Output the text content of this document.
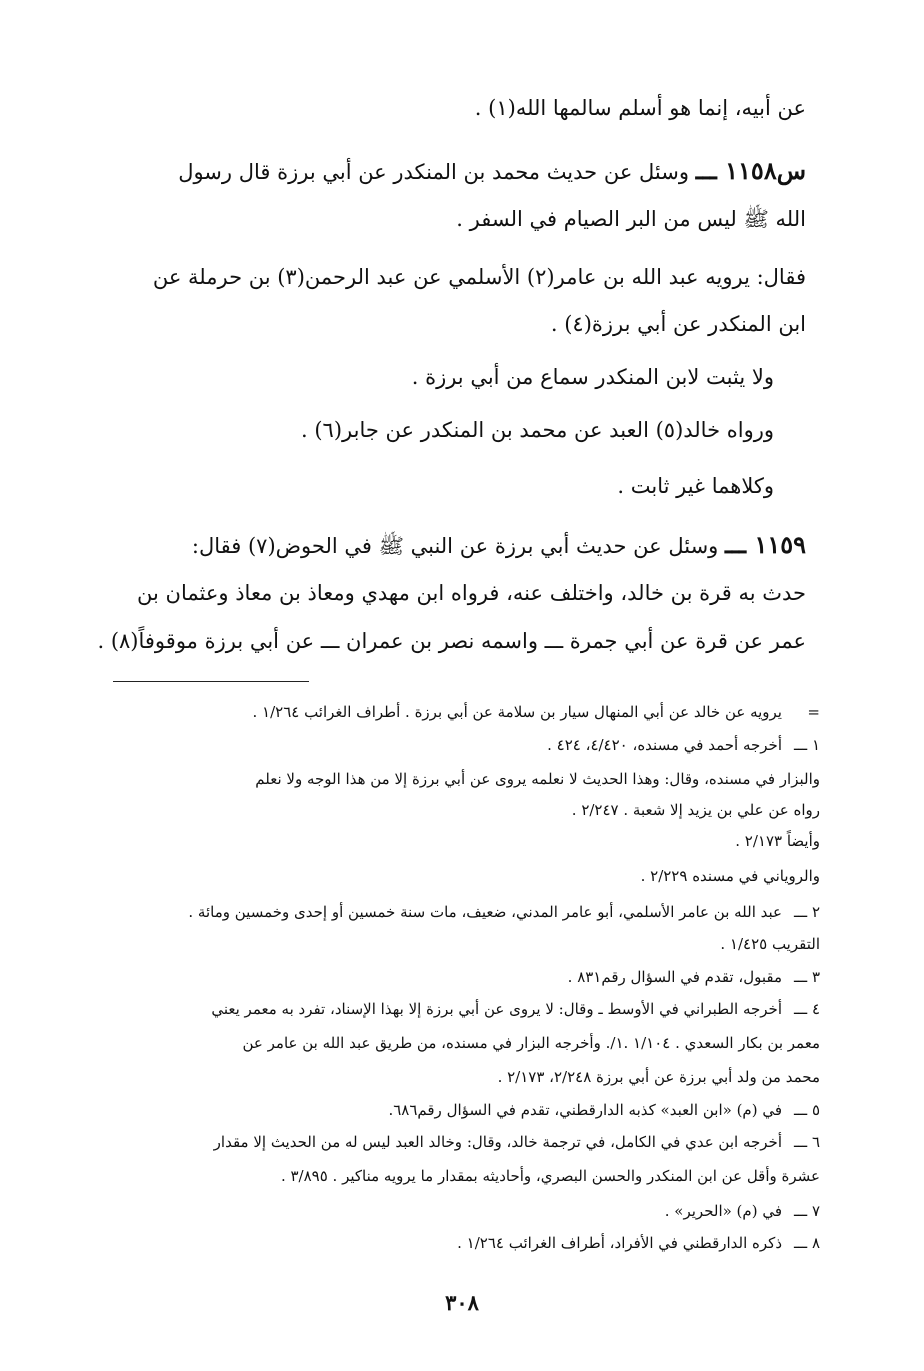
عن أبيه، إنما هو أسلم سالمها الله(١) .
س١١٥٨ ـــ وسئل عن حديث محمد بن المنكدر عن أبي برزة قال رسول
الله ﷺ ليس من البر الصيام في السفر .
فقال: يرويه عبد الله بن عامر(٢) الأسلمي عن عبد الرحمن(٣) بن حرملة عن
ابن المنكدر عن أبي برزة(٤) .
ولا يثبت لابن المنكدر سماع من أبي برزة .
ورواه خالد(٥) العبد عن محمد بن المنكدر عن جابر(٦) .
وكلاهما غير ثابت .
١١٥٩ ـــ وسئل عن حديث أبي برزة عن النبي ﷺ في الحوض(٧) فقال:
حدث به قرة بن خالد، واختلف عنه، فرواه ابن مهدي ومعاذ بن معاذ وعثمان بن
عمر عن قرة عن أبي جمرة ـــ واسمه نصر بن عمران ـــ عن أبي برزة موقوفاً(٨) .
=يرويه عن خالد عن أبي المنهال سيار بن سلامة عن أبي برزة . أطراف الغرائب ١/٢٦٤ .
١ ـــأخرجه أحمد في مسنده، ٤/٤٢٠، ٤٢٤ .
والبزار في مسنده، وقال: وهذا الحديث لا نعلمه يروى عن أبي برزة إلا من هذا الوجه ولا نعلم
رواه عن علي بن يزيد إلا شعبة . ٢/٢٤٧ .
وأيضاً ٢/١٧٣ .
والروياني في مسنده ٢/٢٢٩ .
٢ ـــعبد الله بن عامر الأسلمي، أبو عامر المدني، ضعيف، مات سنة خمسين أو إحدى وخمسين ومائة .
التقريب ١/٤٢٥ .
٣ ـــمقبول، تقدم في السؤال رقم٨٣١ .
٤ ـــأخرجه الطبراني في الأوسط ـ وقال: لا يروى عن أبي برزة إلا بهذا الإسناد، تفرد به معمر يعني
معمر بن بكار السعدي . ١/١٠٤ .١/. وأخرجه البزار في مسنده، من طريق عبد الله بن عامر عن
محمد من ولد أبي برزة عن أبي برزة ٢/٢٤٨، ٢/١٧٣ .
٥ ـــفي (م) «ابن العبد» كذبه الدارقطني، تقدم في السؤال رقم٦٨٦.
٦ ـــأخرجه ابن عدي في الكامل، في ترجمة خالد، وقال: وخالد العبد ليس له من الحديث إلا مقدار
عشرة وأقل عن ابن المنكدر والحسن البصري، وأحاديثه بمقدار ما يرويه مناكير . ٣/٨٩٥ .
٧ ـــفي (م) «الحرير» .
٨ ـــذكره الدارقطني في الأفراد، أطراف الغرائب ١/٢٦٤ .
٣٠٨
